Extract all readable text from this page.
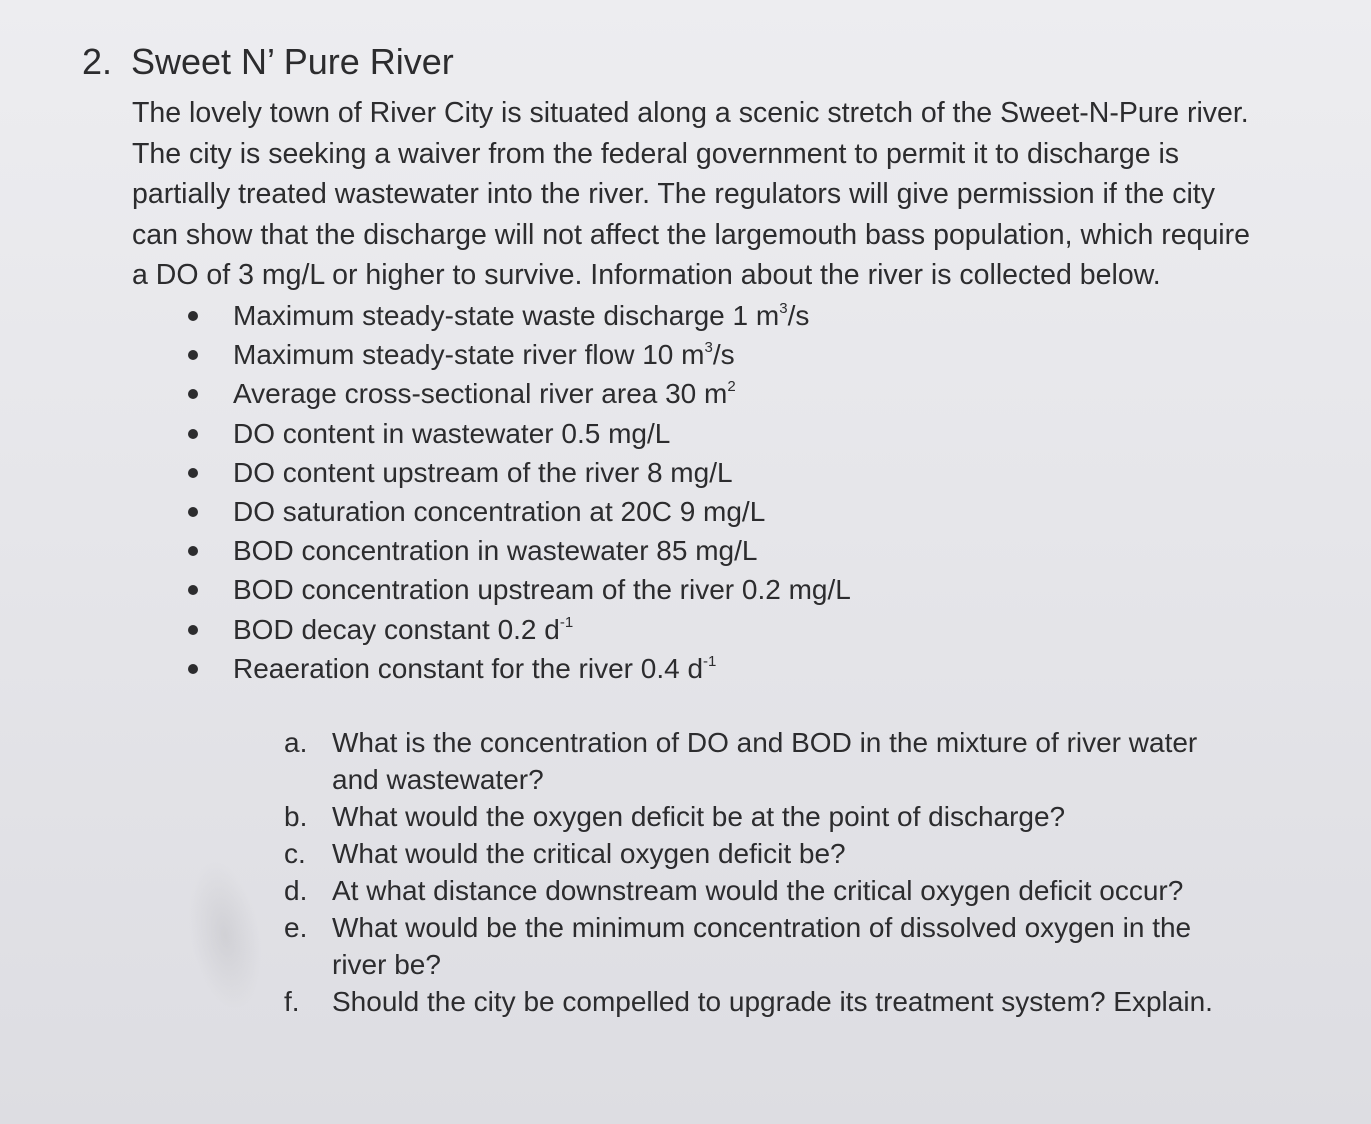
2. Sweet N’ Pure River
The lovely town of River City is situated along a scenic stretch of the Sweet-N-Pure river.
The city is seeking a waiver from the federal government to permit it to discharge is
partially treated wastewater into the river. The regulators will give permission if the city
can show that the discharge will not affect the largemouth bass population, which require
a DO of 3 mg/L or higher to survive. Information about the river is collected below.
Maximum steady-state waste discharge 1 $m^3/s$
Maximum steady-state river flow 10 $m^3/s$
Average cross-sectional river area 30 $m^2$
DO content in wastewater 0.5 mg/L
DO content upstream of the river 8 mg/L
DO saturation concentration at 20C 9 mg/L
BOD concentration in wastewater 85 mg/L
BOD concentration upstream of the river 0.2 mg/L
BOD decay constant 0.2 $d^{-1}$
Reaeration constant for the river 0.4 $d^{-1}$
a. What is the concentration of DO and BOD in the mixture of river water
and wastewater?
b. What would the oxygen deficit be at the point of discharge?
c. What would the critical oxygen deficit be?
d. At what distance downstream would the critical oxygen deficit occur?
e. What would be the minimum concentration of dissolved oxygen in the
river be?
f. Should the city be compelled to upgrade its treatment system? Explain.
